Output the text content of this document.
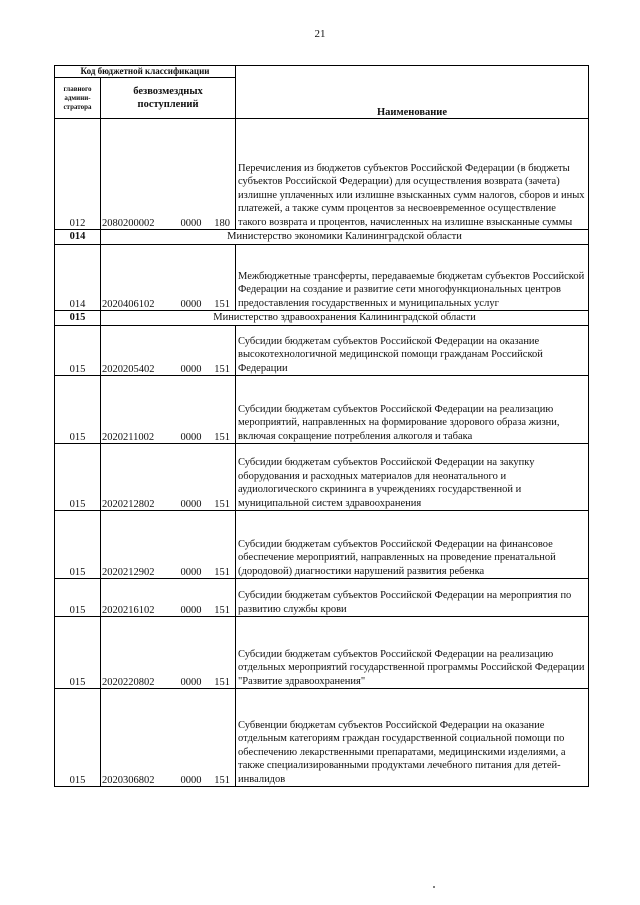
21
Код бюджетной классификации		Наименование
главного админи- стратора	безвозмездных поступлений	
012	2080200002 0000 180	Перечисления из бюджетов субъектов Российской Федерации (в бюджеты субъектов Российской Федерации) для осуществления возврата (зачета) излишне уплаченных или излишне взысканных сумм налогов, сборов и иных платежей, а также сумм процентов за несвоевременное осуществление такого возврата и процентов, начисленных на излишне взысканные суммы
014	Министерство экономики Калининградской области	
014	2020406102 0000 151	Межбюджетные трансферты, передаваемые бюджетам субъектов Российской Федерации на создание и развитие сети многофункциональных центров предоставления государственных и муниципальных услуг
015	Министерство здравоохранения Калининградской области	
015	2020205402 0000 151	Субсидии бюджетам субъектов Российской Федерации на оказание высокотехнологичной медицинской помощи гражданам Российской Федерации
015	2020211002 0000 151	Субсидии бюджетам субъектов Российской Федерации на реализацию мероприятий, направленных на формирование здорового образа жизни, включая сокращение потребления алкоголя и табака
015	2020212802 0000 151	Субсидии бюджетам субъектов Российской Федерации на закупку оборудования и расходных материалов для неонатального и аудиологического скрининга в учреждениях государственной и муниципальной систем здравоохранения
015	2020212902 0000 151	Субсидии бюджетам субъектов Российской Федерации на финансовое обеспечение мероприятий, направленных на проведение пренатальной (дородовой) диагностики нарушений развития ребенка
015	2020216102 0000 151	Субсидии бюджетам субъектов Российской Федерации на мероприятия по развитию службы крови
015	2020220802 0000 151	Субсидии бюджетам субъектов Российской Федерации на реализацию отдельных мероприятий государственной программы Российской Федерации "Развитие здравоохранения"
015	2020306802 0000 151	Субвенции бюджетам субъектов Российской Федерации на оказание отдельным категориям граждан государственной социальной помощи по обеспечению лекарственными препаратами, медицинскими изделиями, а также специализированными продуктами лечебного питания для детей-инвалидов
